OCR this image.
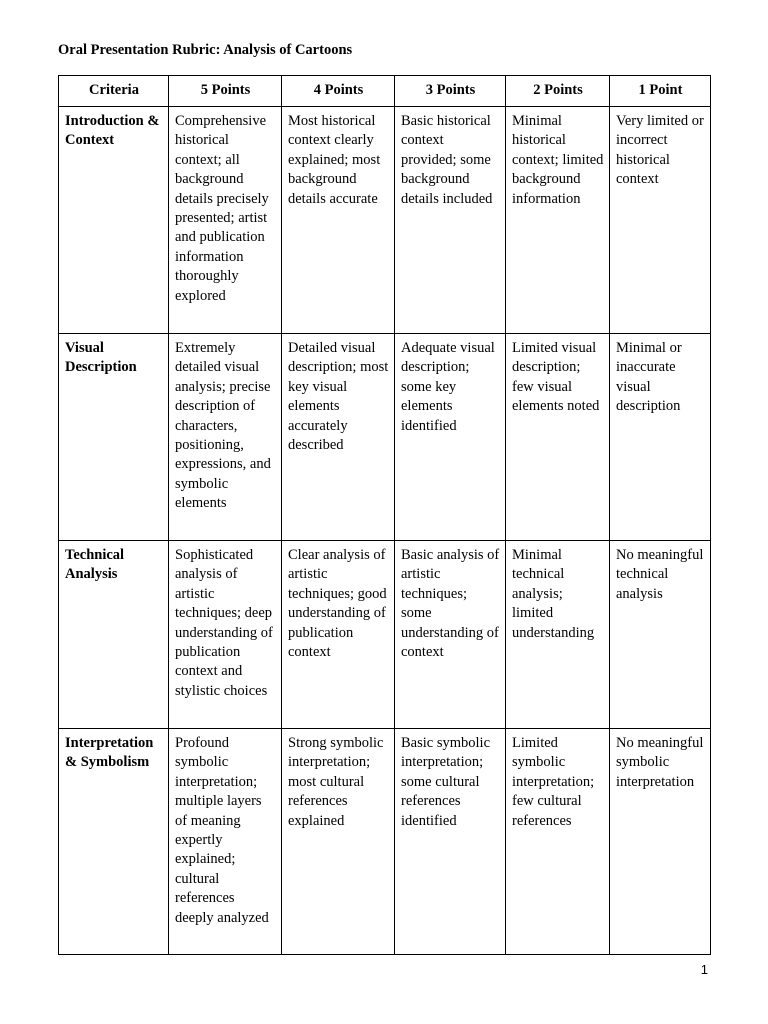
Oral Presentation Rubric: Analysis of Cartoons
Criteria	5 Points	4 Points	3 Points	2 Points	1 Point
Introduction & Context	Comprehensive historical context; all background details precisely presented; artist and publication information thoroughly explored	Most historical context clearly explained; most background details accurate	Basic historical context provided; some background details included	Minimal historical context; limited background information	Very limited or incorrect historical context
Visual Description	Extremely detailed visual analysis; precise description of characters, positioning, expressions, and symbolic elements	Detailed visual description; most key visual elements accurately described	Adequate visual description; some key elements identified	Limited visual description; few visual elements noted	Minimal or inaccurate visual description
Technical Analysis	Sophisticated analysis of artistic techniques; deep understanding of publication context and stylistic choices	Clear analysis of artistic techniques; good understanding of publication context	Basic analysis of artistic techniques; some understanding of context	Minimal technical analysis; limited understanding	No meaningful technical analysis
Interpretation & Symbolism	Profound symbolic interpretation; multiple layers of meaning expertly explained; cultural references deeply analyzed	Strong symbolic interpretation; most cultural references explained	Basic symbolic interpretation; some cultural references identified	Limited symbolic interpretation; few cultural references	No meaningful symbolic interpretation
1
